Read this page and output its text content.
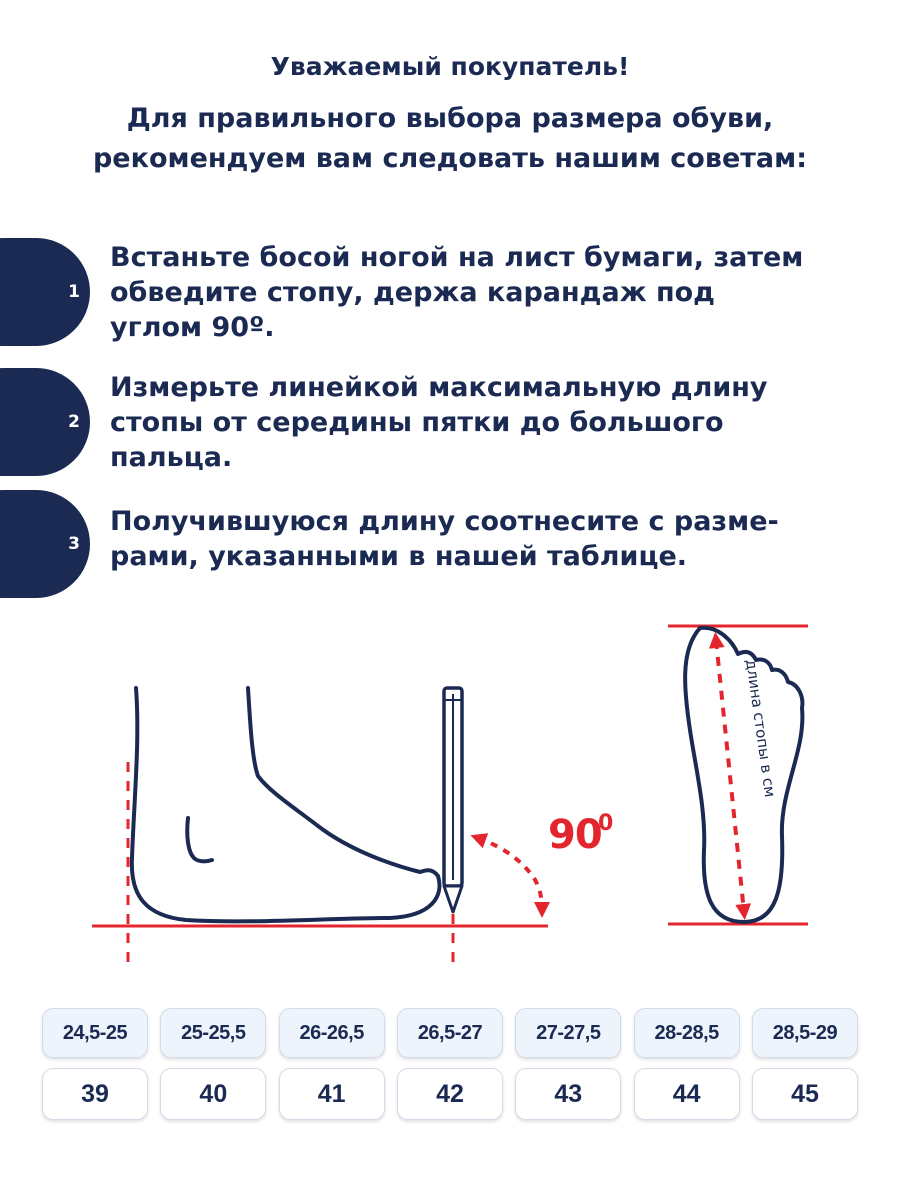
Уважаемый покупатель!

Для правильного выбора размера обуви,
рекомендуем вам следовать нашим советам:

1
Встаньте босой ногой на лист бумаги, затем
обведите стопу, держа карандаж под
углом 90º.
2
Измерьте линейкой максимальную длину
стопы от середины пятки до большого
пальца.
3
Получившуюся длину соотнесите с разме-
рами, указанными в нашей таблице.
90
0
длина стопы в см
24,5-25	25-25,5	26-26,5	26,5-27	27-27,5	28-28,5	28,5-29
39	40	41	42	43	44	45
